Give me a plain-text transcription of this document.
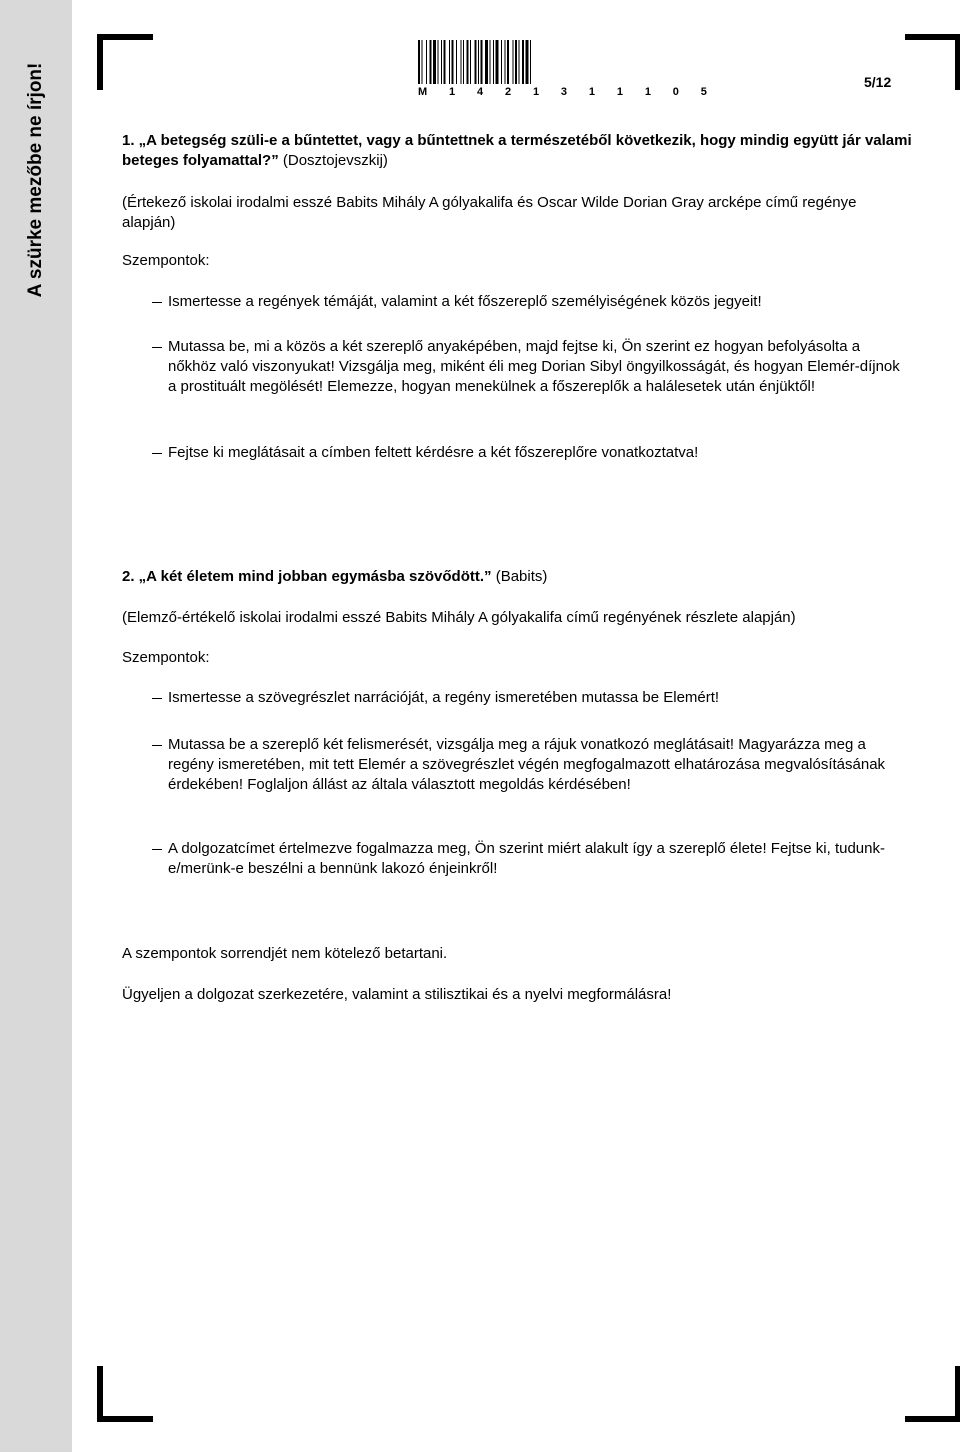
A szürke mezőbe ne írjon!	M 1 4 2 1 3 1 1 1 0 5
5/12
1. „A betegség szüli-e a bűntettet, vagy a bűntettnek a természetéből következik, hogy mindig együtt jár valami beteges folyamattal?” (Dosztojevszkij)
(Értekező iskolai irodalmi esszé Babits Mihály A gólyakalifa és Oscar Wilde Dorian Gray arcképe című regénye alapján)
Szempontok:
Ismertesse a regények témáját, valamint a két főszereplő személyiségének közös jegyeit!
Mutassa be, mi a közös a két szereplő anyaképében, majd fejtse ki, Ön szerint ez hogyan befolyásolta a nőkhöz való viszonyukat! Vizsgálja meg, miként éli meg Dorian Sibyl öngyilkosságát, és hogyan Elemér-díjnok a prostituált megölését! Elemezze, hogyan menekülnek a főszereplők a halálesetek után énjüktől!
Fejtse ki meglátásait a címben feltett kérdésre a két főszereplőre vonatkoztatva!
2. „A két életem mind jobban egymásba szövődött.” (Babits)
(Elemző-értékelő iskolai irodalmi esszé Babits Mihály A gólyakalifa című regényének részlete alapján)
Szempontok:
Ismertesse a szövegrészlet narrációját, a regény ismeretében mutassa be Elemért!
Mutassa be a szereplő két felismerését, vizsgálja meg a rájuk vonatkozó meglátásait! Magyarázza meg a regény ismeretében, mit tett Elemér a szövegrészlet végén megfogalmazott elhatározása megvalósításának érdekében! Foglaljon állást az általa választott megoldás kérdésében!
A dolgozatcímet értelmezve fogalmazza meg, Ön szerint miért alakult így a szereplő élete! Fejtse ki, tudunk-e/merünk-e beszélni a bennünk lakozó énjeinkről!
A szempontok sorrendjét nem kötelező betartani.
Ügyeljen a dolgozat szerkezetére, valamint a stilisztikai és a nyelvi megformálásra!
